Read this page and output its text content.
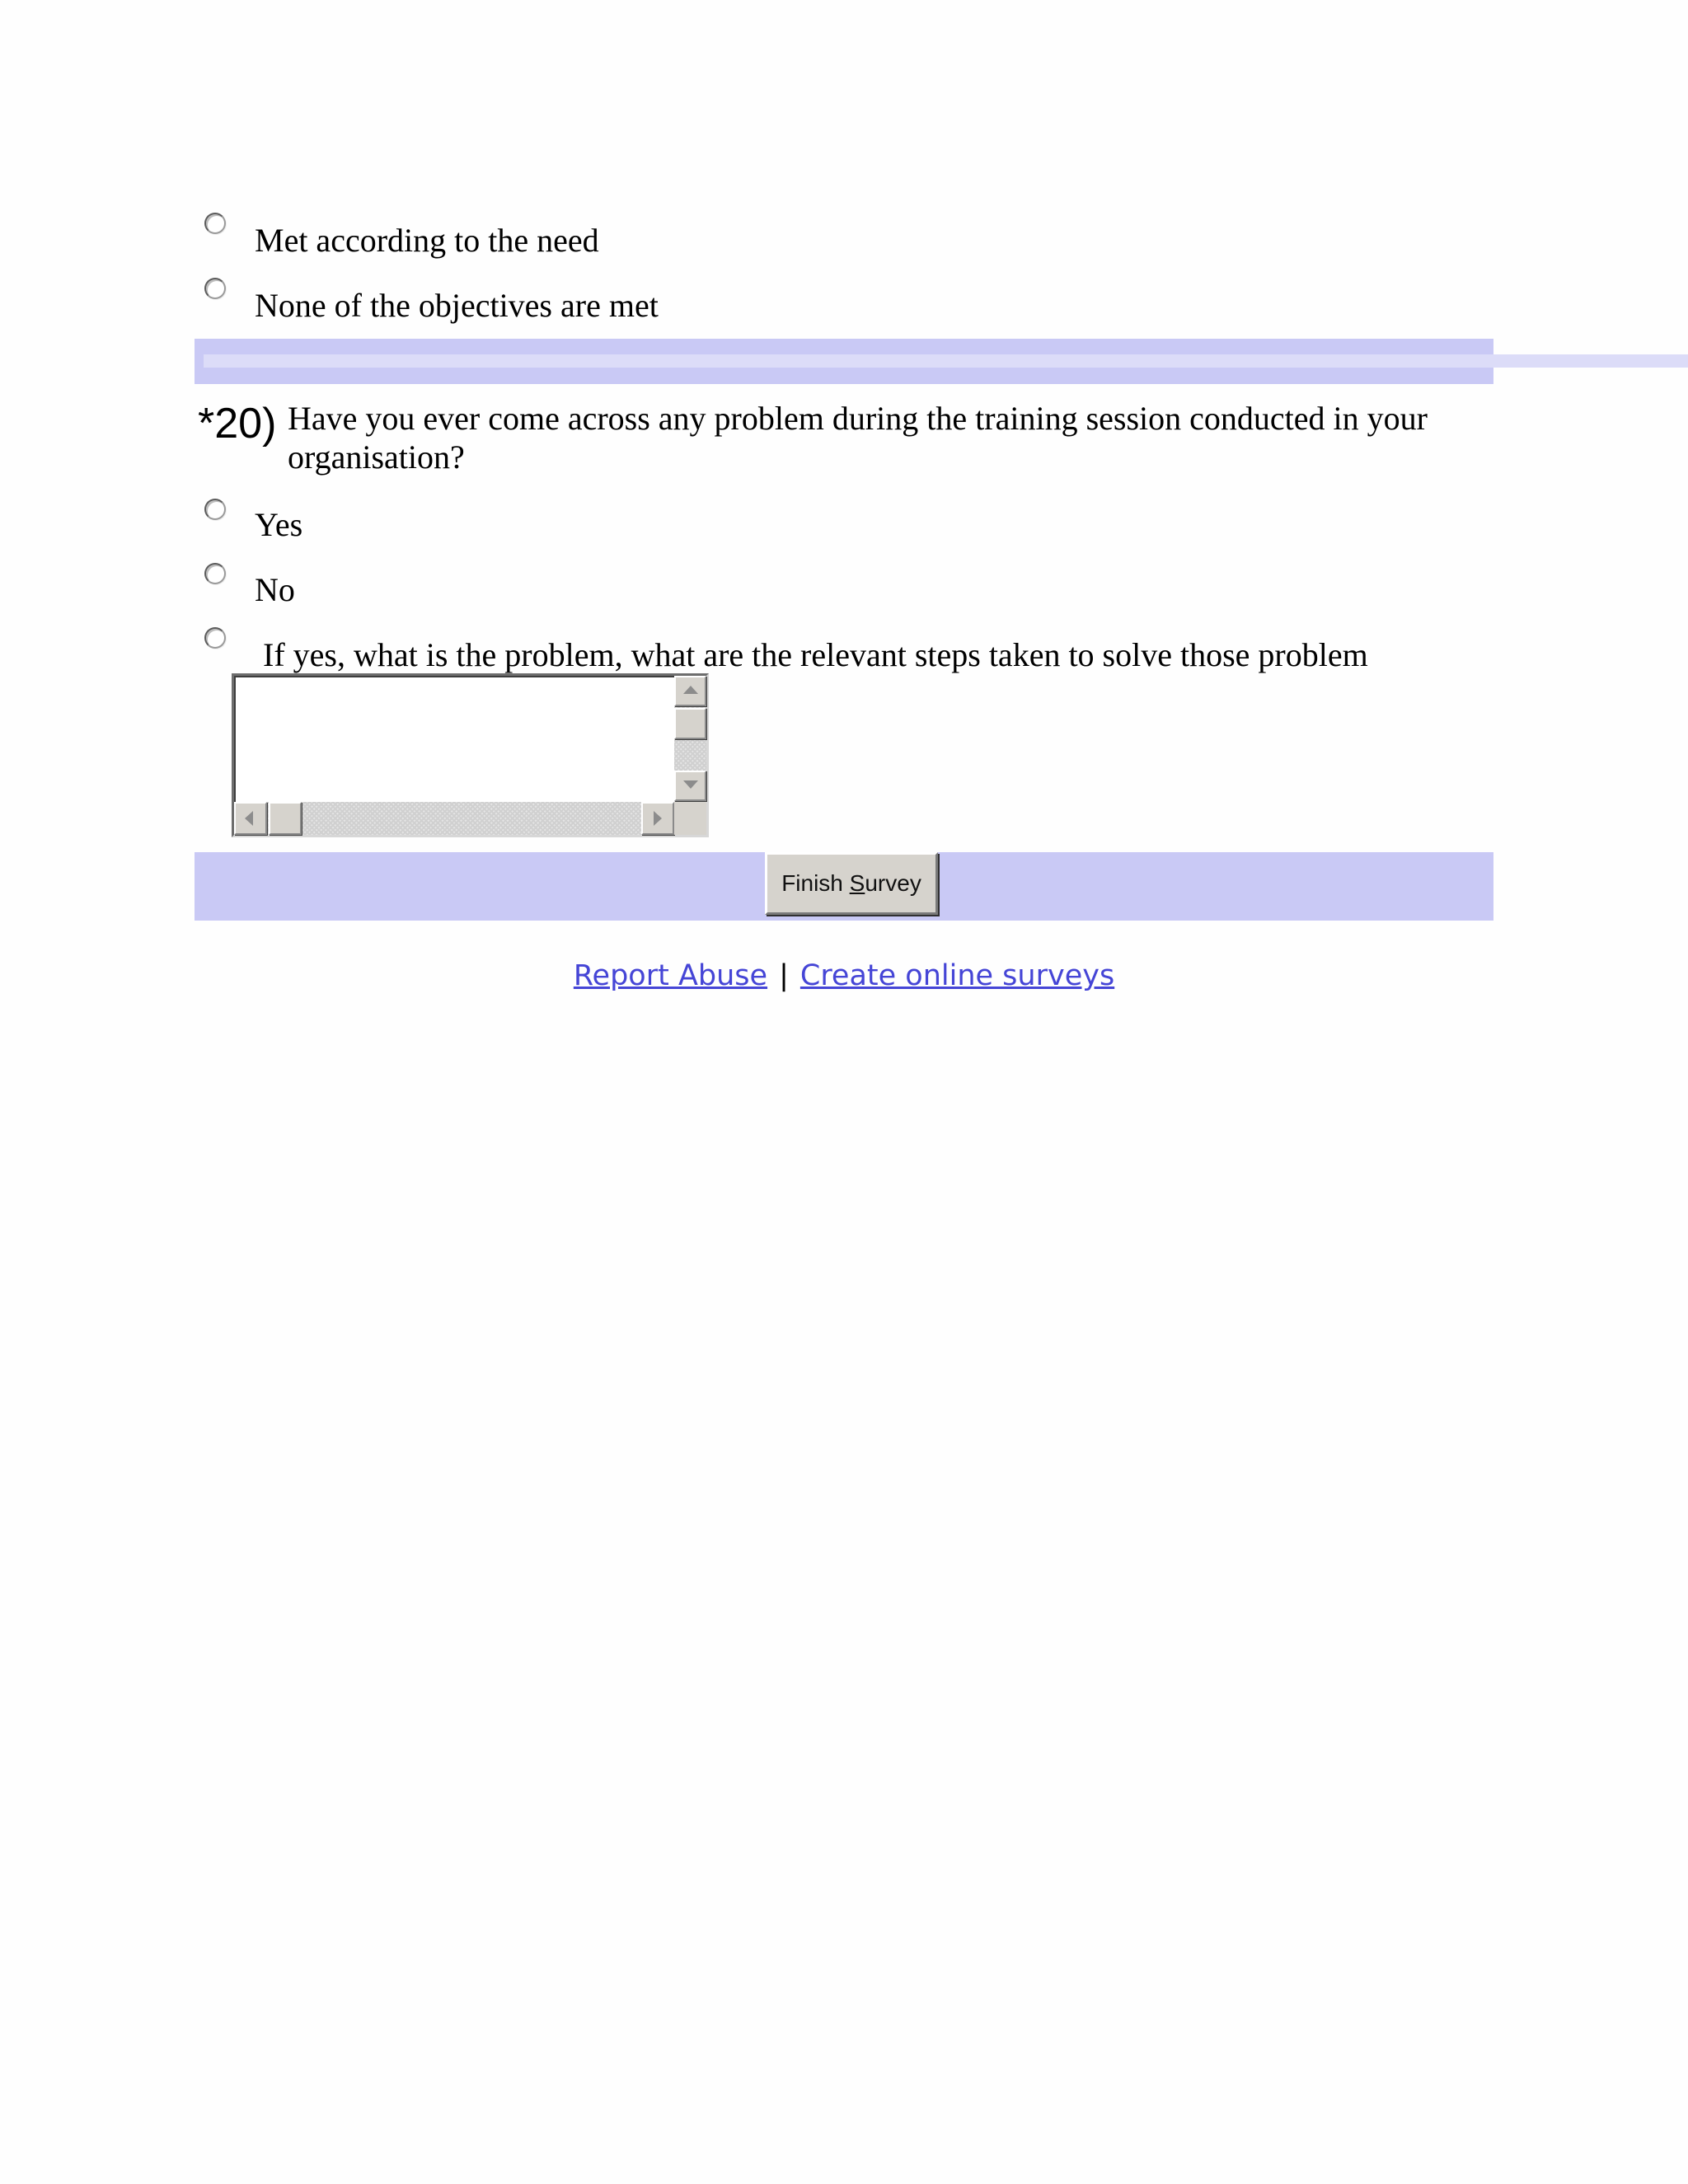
Met according to the need
None of the objectives are met
*20) Have you ever come across any problem during the training session conducted in your organisation?
Yes
No
If yes, what is the problem, what are the relevant steps taken to solve those problem
Finish Survey
Report Abuse | Create online surveys
